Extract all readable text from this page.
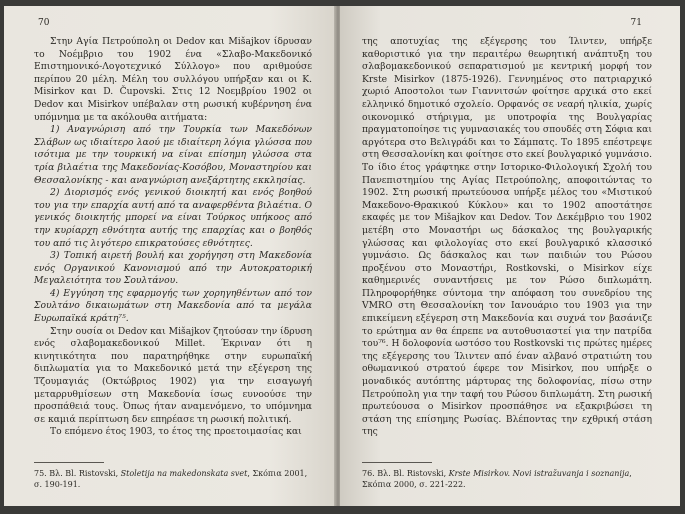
70

Στην Αγία Πετρούπολη οι Dedov και Mišajkov ίδρυσαν το Νοέμβριο του 1902 ένα «Σλαβο-Μακεδονικό Επιστημονικό-Λογοτεχνικό Σύλλογο» που αριθμούσε περίπου 20 μέλη. Μέλη του συλλόγου υπήρξαν και οι K. Misirkov και D. Čupovski. Στις 12 Νοεμβρίου 1902 οι Dedov και Misirkov υπέβαλαν στη ρωσική κυβέρνηση ένα υπόμνημα με τα ακόλουθα αιτήματα:

1) Αναγνώριση από την Τουρκία των Μακεδόνων Σλάβων ως ιδιαίτερο λαού με ιδιαίτερη λόγια γλώσσα που ισότιμα με την τουρκική να είναι επίσημη γλώσσα στα τρία βιλαέτια της Μακεδονίας-Κοσόβου, Μοναστηρίου και Θεσσαλονίκης - και αναγνώριση ανεξάρτητης εκκλησίας.

2) Διορισμός ενός γενικού διοικητή και ενός βοηθού του για την επαρχία αυτή από τα αναφερθέντα βιλαέτια. Ο γενικός διοικητής μπορεί να είναι Τούρκος υπήκοος από την κυρίαρχη εθνότητα αυτής της επαρχίας και ο βοηθός του από τις λιγότερο επικρατούσες εθνότητες.

3) Τοπική αιρετή βουλή και χορήγηση στη Μακεδονία ενός Οργανικού Κανονισμού από την Αυτοκρατορική Μεγαλειότητα του Σουλτάνου.

4) Εγγύηση της εφαρμογής των χορηγηθέντων από τον Σουλτάνο δικαιωμάτων στη Μακεδονία από τα μεγάλα Ευρωπαϊκά κράτη⁷⁵.

Στην ουσία οι Dedov και Mišajkov ζητούσαν την ίδρυση ενός σλαβομακεδονικού Millet. Έκριναν ότι η κινητικότητα που παρατηρήθηκε στην ευρωπαϊκή διπλωματία για το Μακεδονικό μετά την εξέγερση της Τζουμαγιάς (Οκτώβριος 1902) για την εισαγωγή μεταρρυθμίσεων στη Μακεδονία ίσως ευνοούσε την προσπάθειά τους. Όπως ήταν αναμενόμενο, το υπόμνημα σε καμιά περίπτωση δεν επηρέασε τη ρωσική πολιτική.

Το επόμενο έτος 1903, το έτος της προετοιμασίας και

75. Βλ. Bl. Ristovski, Stoletija na makedonskata svet, Σκόπια 2001, σ. 190-191.
71

της αποτυχίας της εξέγερσης του Ίλιντεν, υπήρξε καθοριστικό για την περαιτέρω θεωρητική ανάπτυξη του σλαβομακεδονικού σεπαρατισμού με κεντρική μορφή τον Krste Misirkov (1875-1926). Γεννημένος στο πατριαρχικό χωριό Αποστολοι των Γιαννιτσών φοίτησε αρχικά στο εκεί ελληνικό δημοτικό σχολείο. Ορφανός σε νεαρή ηλικία, χωρίς οικονομικό στήριγμα, με υποτροφία της Βουλγαρίας πραγματοποίησε τις γυμνασιακές του σπουδές στη Σόφια και αργότερα στο Βελιγράδι και το Σάμπατς. Το 1895 επέστρεψε στη Θεσσαλονίκη και φοίτησε στο εκεί βουλγαρικό γυμνάσιο. Το ίδιο έτος γράφτηκε στην Ιστορικο-Φιλολογική Σχολή του Πανεπιστημίου της Αγίας Πετρούπολης, αποφοιτώντας το 1902. Στη ρωσική πρωτεύουσα υπήρξε μέλος του «Μιστικού Μακεδονο-Θρακικού Κύκλου» και το 1902 αποστάτησε εκαφές με τον Mišajkov και Dedov. Τον Δεκέμβριο του 1902 μετέβη στο Μοναστήρι ως δάσκαλος της βουλγαρικής γλώσσας και φιλολογίας στο εκεί βουλγαρικό κλασσικό γυμνάσιο. Ως δάσκαλος και των παιδιών του Ρώσου προξένου στο Μοναστήρι, Rostkovski, ο Misirkov είχε καθημερινές συναντήσεις με τον Ρώσο διπλωμάτη. Πληροφορήθηκε σύντομα την απόφαση του συνεδρίου της VMRO στη Θεσσαλονίκη τον Ιανουάριο του 1903 για την επικείμενη εξέγερση στη Μακεδονία και συχνά τον βασάνιζε το ερώτημα αν θα έπρεπε να αυτοθυσιαστεί για την πατρίδα του⁷⁶. Η δολοφονία ωστόσο του Rostkovski τις πρώτες ημέρες της εξέγερσης του Ίλιντεν από έναν αλβανό στρατιώτη του οθωμανικού στρατού έφερε τον Misirkov, που υπήρξε ο μοναδικός αυτόπτης μάρτυρας της δολοφονίας, πίσω στην Πετρούπολη για την ταφή του Ρώσου διπλωμάτη. Στη ρωσική πρωτεύουσα ο Misirkov προσπάθησε να εξακριβώσει τη στάση της επίσημης Ρωσίας. Βλέποντας την εχθρική στάση της

76. Βλ. Bl. Ristovski, Krste Misirkov. Novi istražuvanja i soznanija, Σκόπια 2000, σ. 221-222.
